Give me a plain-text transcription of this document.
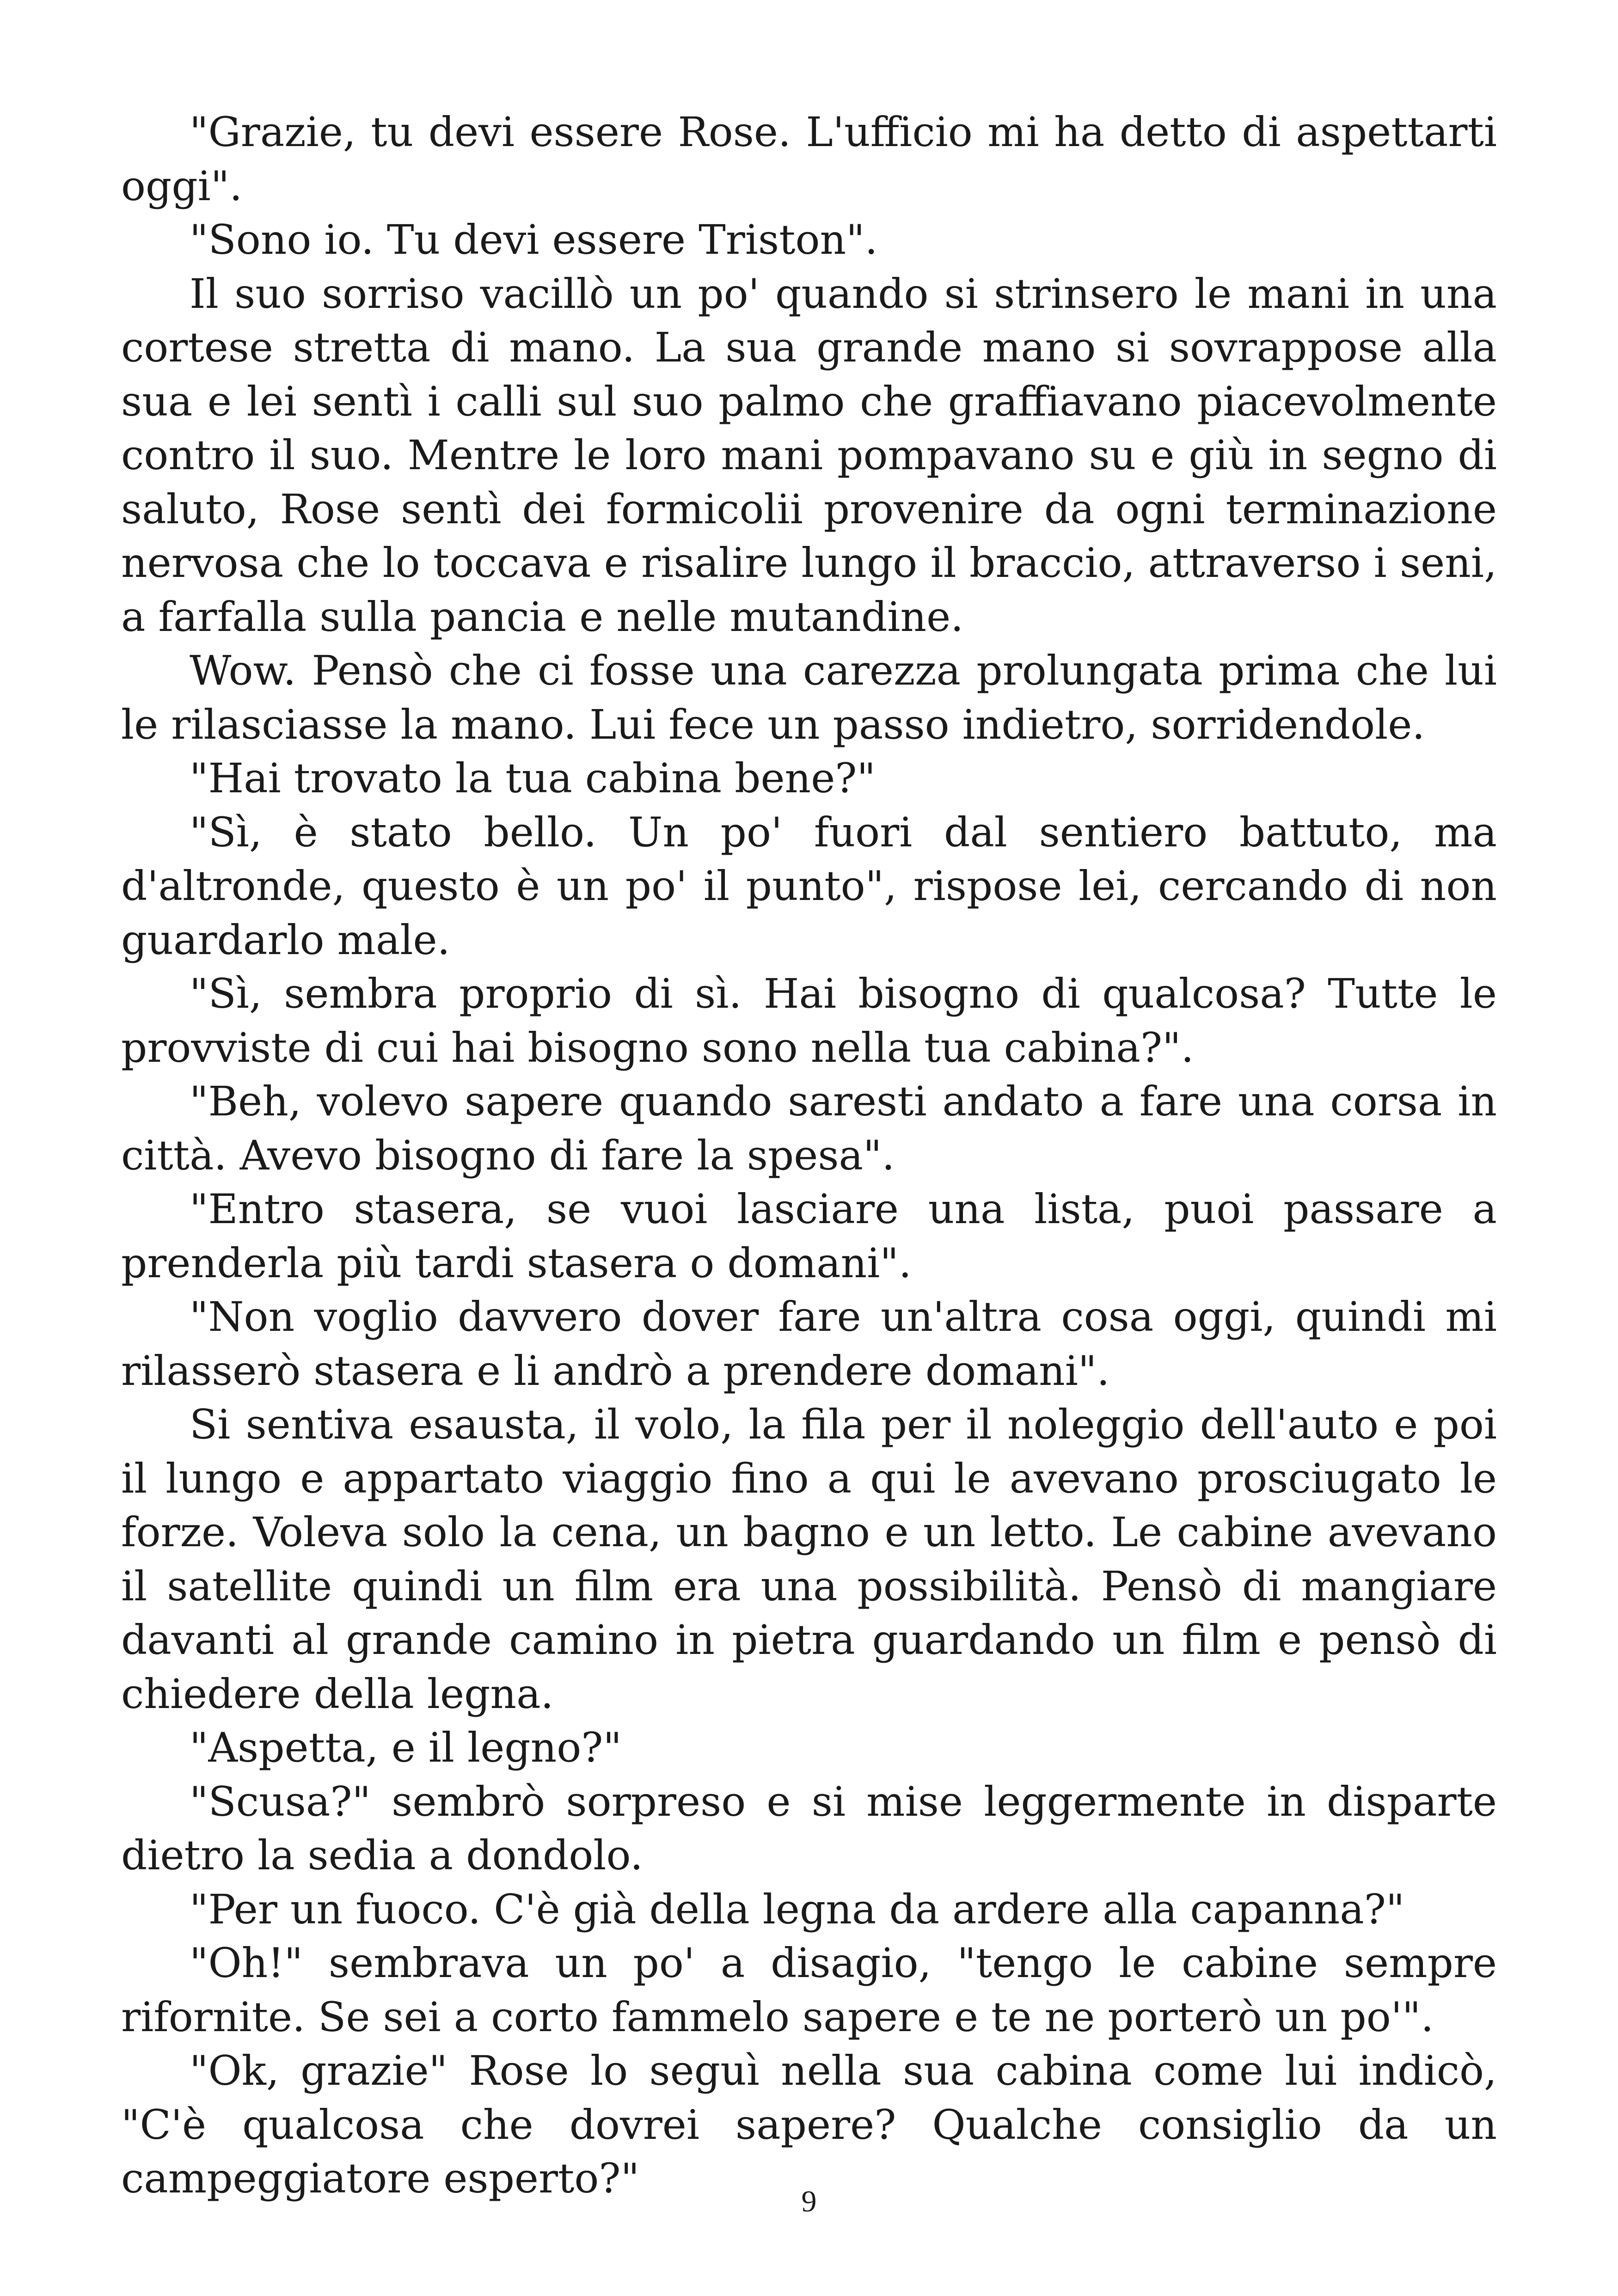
"Grazie, tu devi essere Rose. L'ufficio mi ha detto di aspettarti oggi".

"Sono io. Tu devi essere Triston".

Il suo sorriso vacillò un po' quando si strinsero le mani in una cortese stretta di mano. La sua grande mano si sovrappose alla sua e lei sentì i calli sul suo palmo che graffiavano piacevolmente contro il suo. Mentre le loro mani pompavano su e giù in segno di saluto, Rose sentì dei formicolii provenire da ogni terminazione nervosa che lo toccava e risalire lungo il braccio, attraverso i seni, a farfalla sulla pancia e nelle mutandine.

Wow. Pensò che ci fosse una carezza prolungata prima che lui le rilasciasse la mano. Lui fece un passo indietro, sorridendole.

"Hai trovato la tua cabina bene?"

"Sì, è stato bello. Un po' fuori dal sentiero battuto, ma d'altronde, questo è un po' il punto", rispose lei, cercando di non guardarlo male.

"Sì, sembra proprio di sì. Hai bisogno di qualcosa? Tutte le provviste di cui hai bisogno sono nella tua cabina?".

"Beh, volevo sapere quando saresti andato a fare una corsa in città. Avevo bisogno di fare la spesa".

"Entro stasera, se vuoi lasciare una lista, puoi passare a prenderla più tardi stasera o domani".

"Non voglio davvero dover fare un'altra cosa oggi, quindi mi rilasserò stasera e li andrò a prendere domani".

Si sentiva esausta, il volo, la fila per il noleggio dell'auto e poi il lungo e appartato viaggio fino a qui le avevano prosciugato le forze. Voleva solo la cena, un bagno e un letto. Le cabine avevano il satellite quindi un film era una possibilità. Pensò di mangiare davanti al grande camino in pietra guardando un film e pensò di chiedere della legna.

"Aspetta, e il legno?"

"Scusa?" sembrò sorpreso e si mise leggermente in disparte dietro la sedia a dondolo.

"Per un fuoco. C'è già della legna da ardere alla capanna?"

"Oh!" sembrava un po' a disagio, "tengo le cabine sempre rifornite. Se sei a corto fammelo sapere e te ne porterò un po'".

"Ok, grazie" Rose lo seguì nella sua cabina come lui indicò, "C'è qualcosa che dovrei sapere? Qualche consiglio da un campeggiatore esperto?"	9
